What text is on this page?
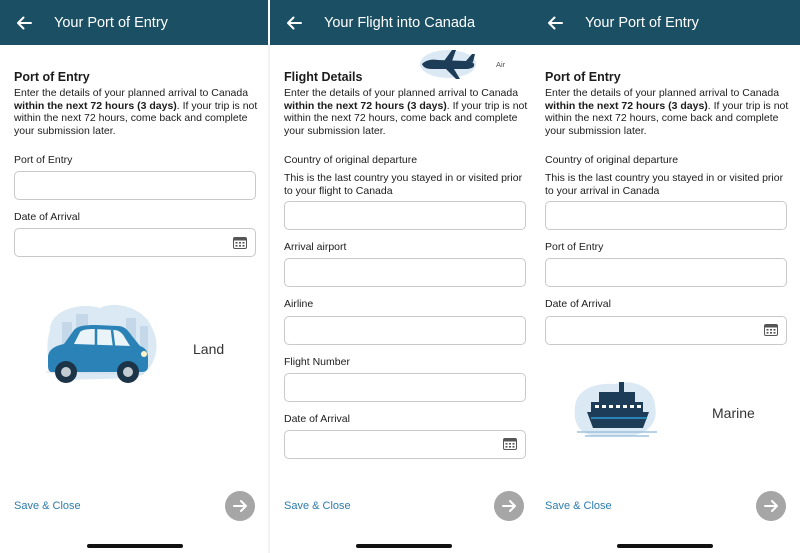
Your Port of Entry
Port of Entry
Enter the details of your planned arrival to Canada within the next 72 hours (3 days). If your trip is not within the next 72 hours, come back and complete your submission later.
Port of Entry
Date of Arrival
Land
Save & Close
Your Flight into Canada
Air
Flight Details
Enter the details of your planned arrival to Canada within the next 72 hours (3 days). If your trip is not within the next 72 hours, come back and complete your submission later.
Country of original departure
This is the last country you stayed in or visited prior to your flight to Canada
Arrival airport
Airline
Flight Number
Date of Arrival
Save & Close
Your Port of Entry
Port of Entry
Enter the details of your planned arrival to Canada within the next 72 hours (3 days). If your trip is not within the next 72 hours, come back and complete your submission later.
Country of original departure
This is the last country you stayed in or visited prior to your arrival in Canada
Port of Entry
Date of Arrival
Marine
Save & Close
